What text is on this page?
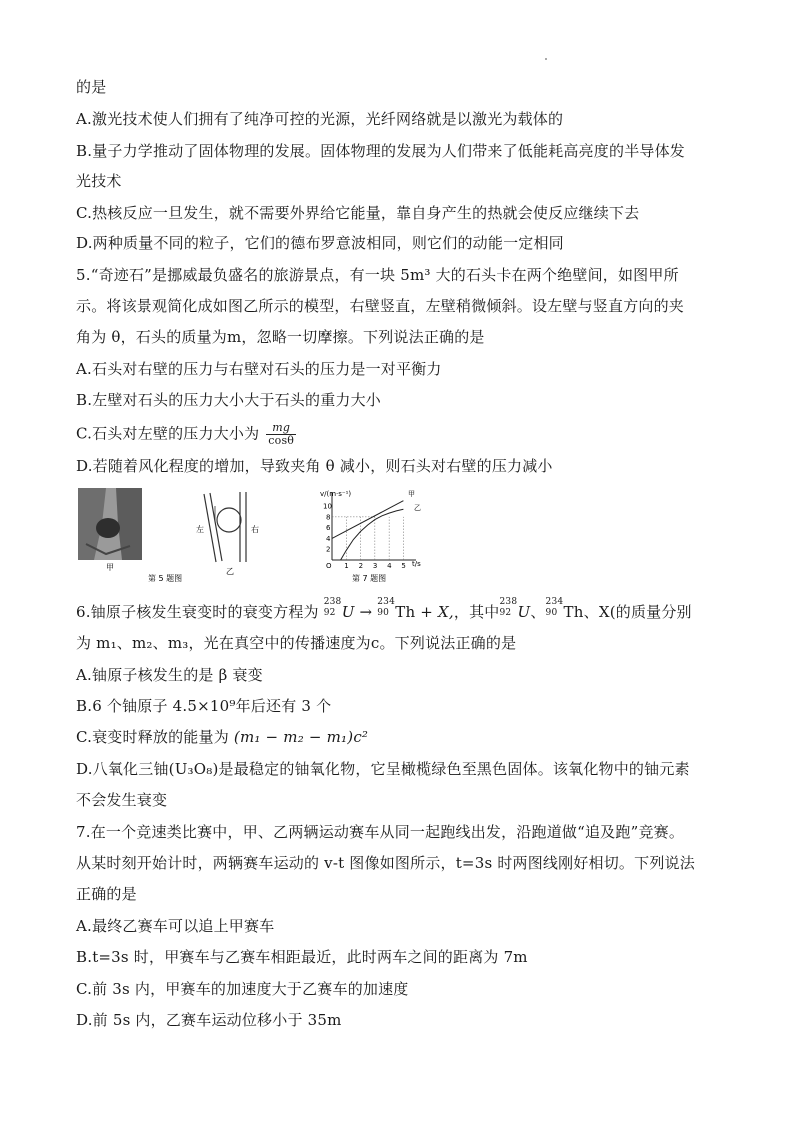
的是
A.激光技术使人们拥有了纯净可控的光源，光纤网络就是以激光为载体的
B.量子力学推动了固体物理的发展。固体物理的发展为人们带来了低能耗高亮度的半导体发
光技术
C.热核反应一旦发生，就不需要外界给它能量，靠自身产生的热就会使反应继续下去
D.两种质量不同的粒子，它们的德布罗意波相同，则它们的动能一定相同
5.“奇迹石”是挪威最负盛名的旅游景点，有一块 5m³ 大的石头卡在两个绝壁间，如图甲所
示。将该景观简化成如图乙所示的模型，右壁竖直，左壁稍微倾斜。设左壁与竖直方向的夹
角为 θ，石头的质量为m，忽略一切摩擦。下列说法正确的是
A.石头对右壁的压力与右壁对石头的压力是一对平衡力
B.左壁对石头的压力大小大于石头的重力大小
C.石头对左壁的压力大小为 $\frac{mg}{\cos\theta}$
D.若随着风化程度的增加，导致夹角 θ 减小，则石头对右壁的压力减小
甲
第 5 题图
左	右
乙
1 2 3 4 5
2
4
6
8
10
O
v/(m·s⁻¹)
t/s
甲
乙
第 7 题图
6.铀原子核发生衰变时的衰变方程为
238
92 U →
234
90 Th + X,，其中
238
92 U、
234
90 Th、X(的质量分别
为 m₁、m₂、m₃，光在真空中的传播速度为c。下列说法正确的是
A.铀原子核发生的是 β 衰变
B.6 个铀原子 4.5×10⁹年后还有 3 个
C.衰变时释放的能量为 (m₁ − m₂ − m₁)c²
D.八氧化三铀(U₃O₈)是最稳定的铀氧化物，它呈橄榄绿色至黑色固体。该氧化物中的铀元素
不会发生衰变
7.在一个竞速类比赛中，甲、乙两辆运动赛车从同一起跑线出发，沿跑道做“追及跑”竞赛。
从某时刻开始计时，两辆赛车运动的 v-t 图像如图所示，t=3s 时两图线刚好相切。下列说法
正确的是
A.最终乙赛车可以追上甲赛车
B.t=3s 时，甲赛车与乙赛车相距最近，此时两车之间的距离为 7m
C.前 3s 内，甲赛车的加速度大于乙赛车的加速度
D.前 5s 内，乙赛车运动位移小于 35m
